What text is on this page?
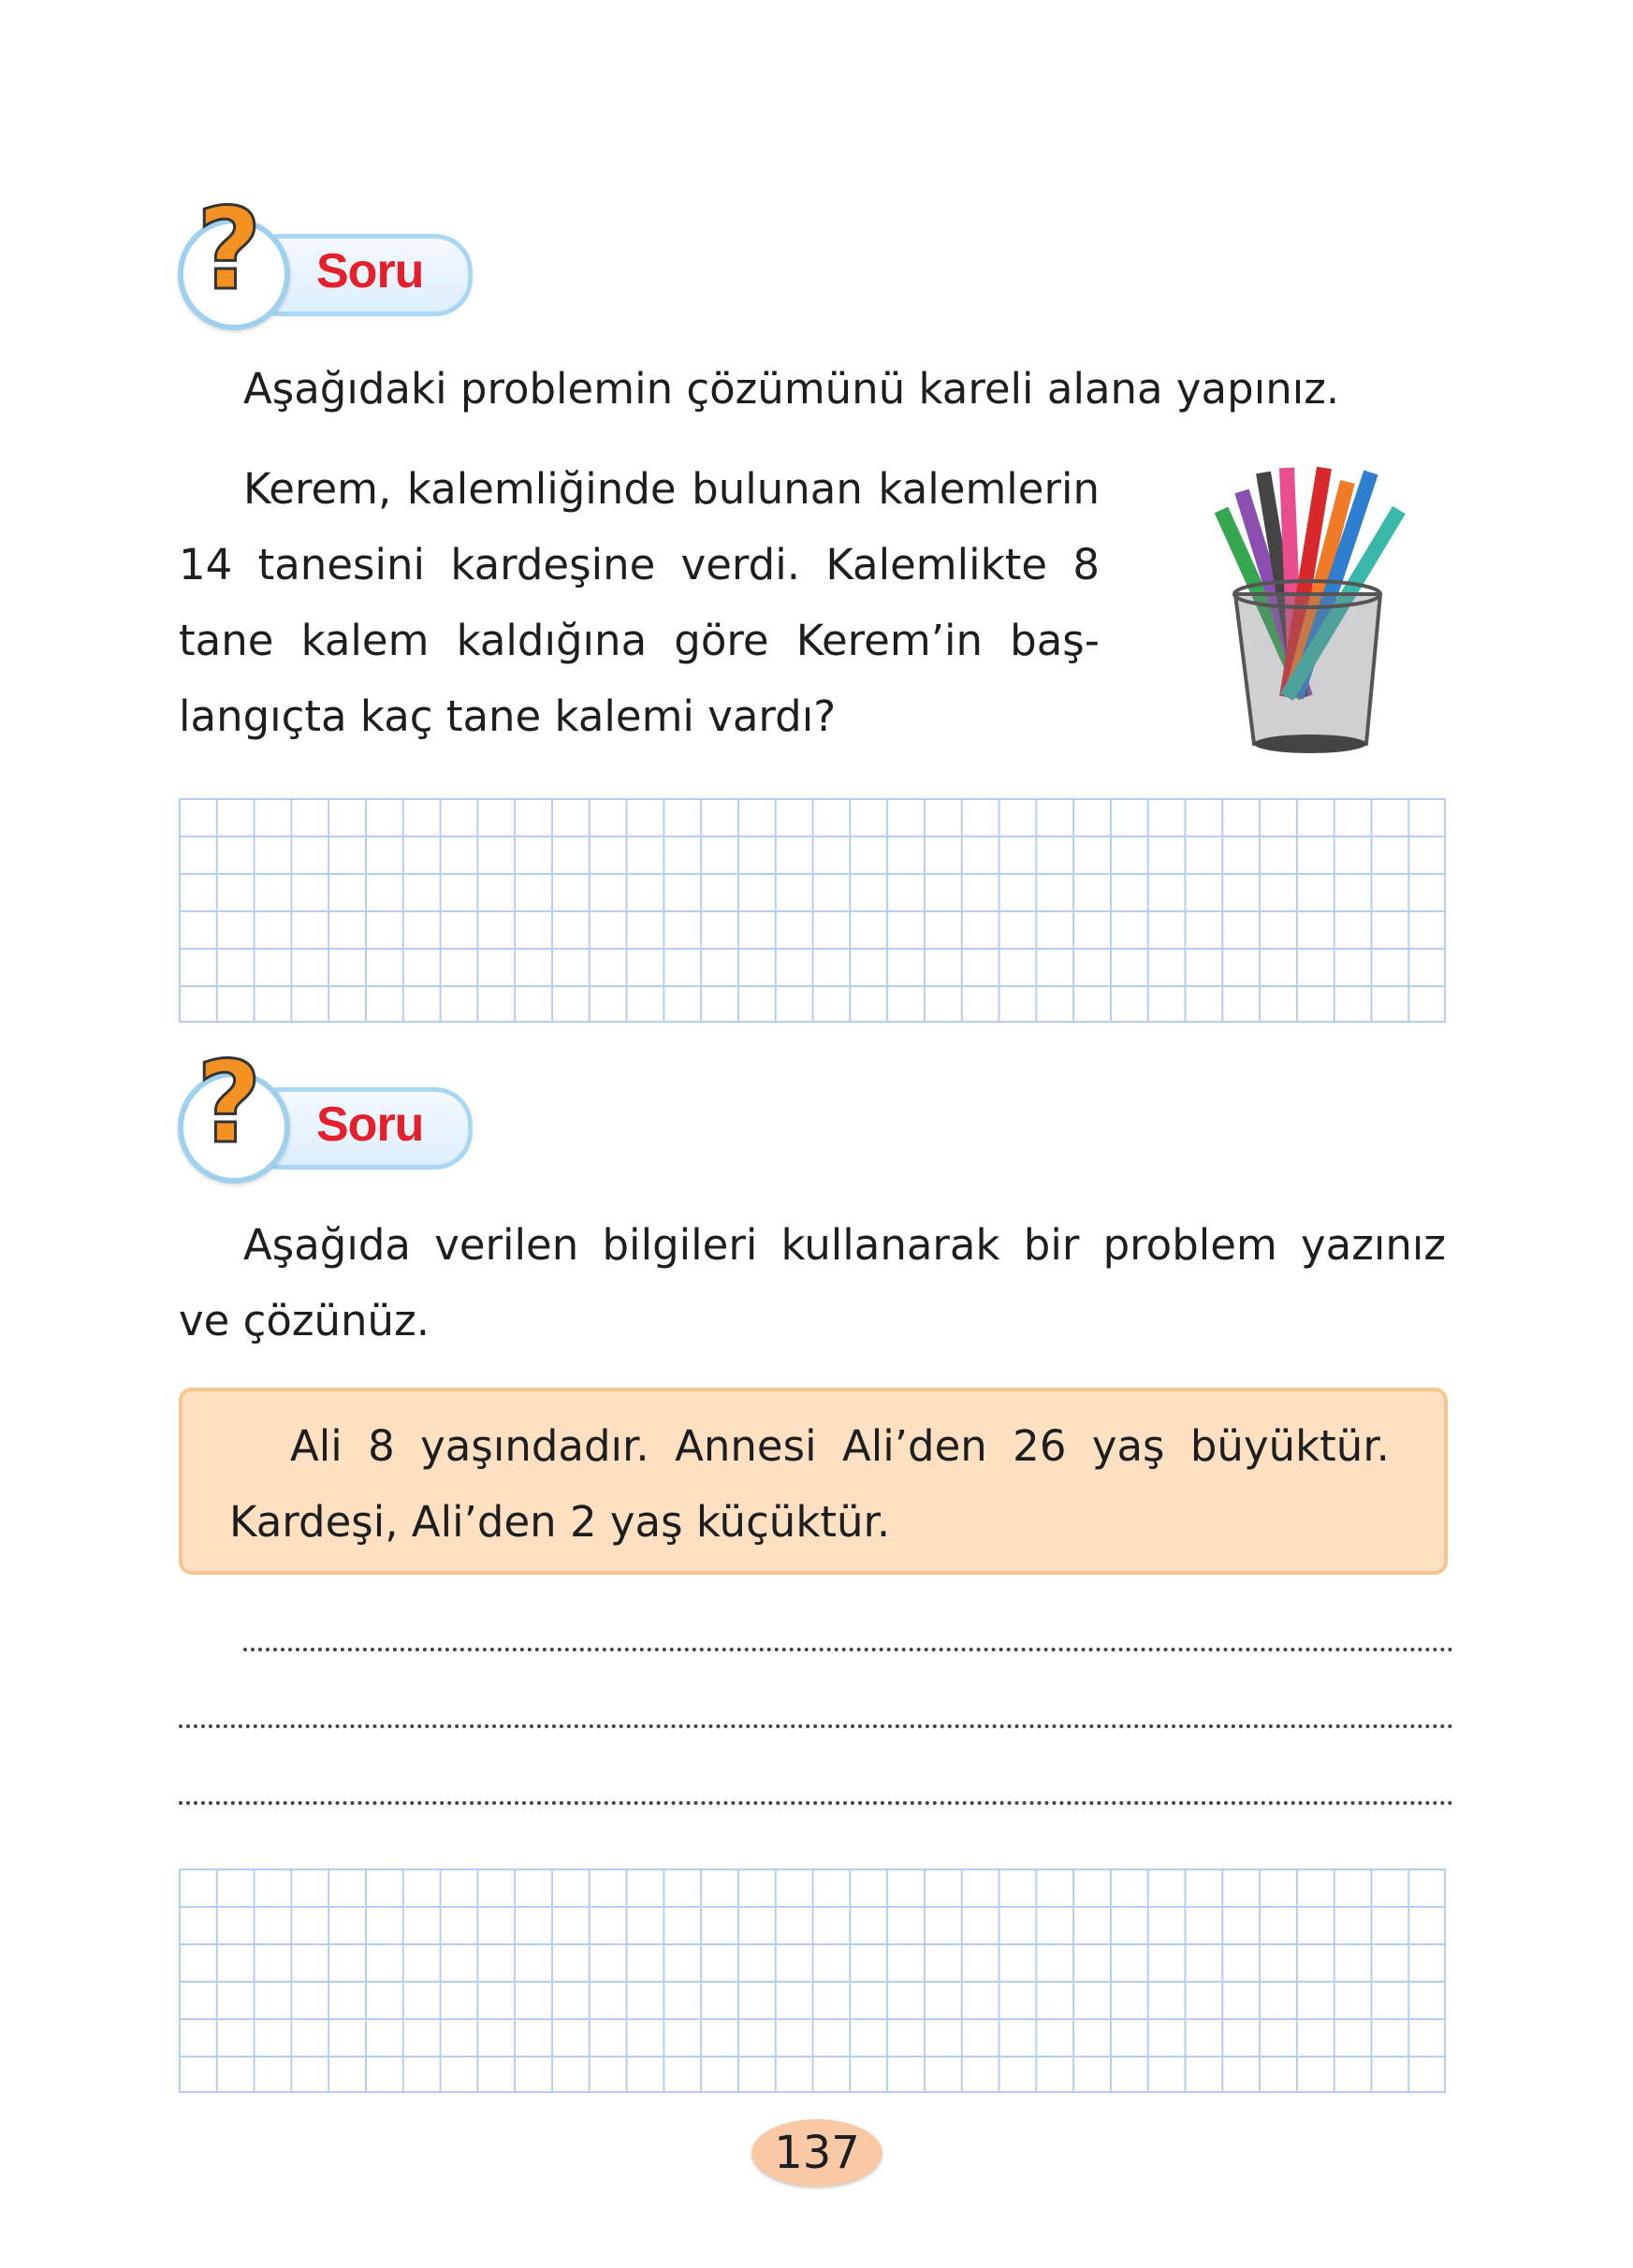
? Soru
Aşağıdaki problemin çözümünü kareli alana yapınız.
Kerem, kalemliğinde bulunan kalemlerin
14 tanesini kardeşine verdi. Kalemlikte 8
tane kalem kaldığına göre Kerem’in baş-
langıçta kaç tane kalemi vardı?
? Soru
Aşağıda verilen bilgileri kullanarak bir problem yazınız
ve çözünüz.
Ali 8 yaşındadır. Annesi Ali’den 26 yaş büyüktür.
Kardeşi, Ali’den 2 yaş küçüktür.
137
